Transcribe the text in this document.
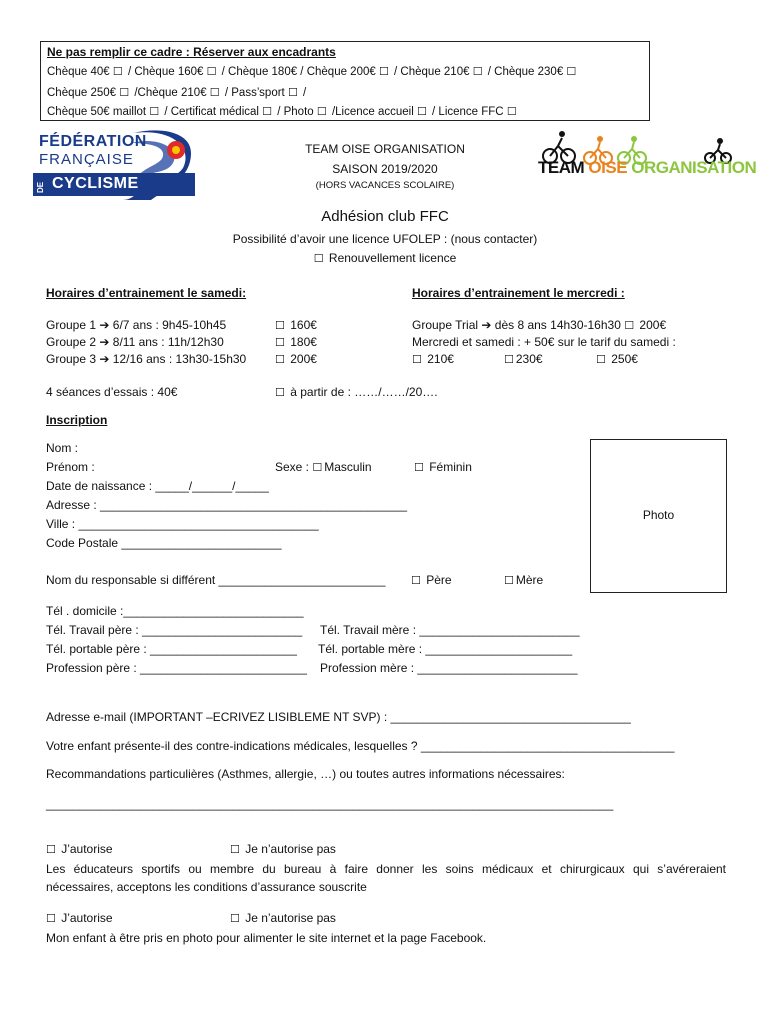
Ne pas remplir ce cadre : Réserver aux encadrants
Chèque 40€ ☐ / Chèque 160€ ☐ / Chèque 180€ / Chèque 200€ ☐ / Chèque 210€ ☐ / Chèque 230€ ☐
Chèque 250€ ☐ /Chèque 210€ ☐ / Pass’sport ☐ /
Chèque 50€ maillot ☐ / Certificat médical ☐ / Photo ☐ /Licence accueil ☐ / Licence FFC ☐
FÉDÉRATION
FRANÇAISE
DE CYCLISME
TEAM OISE ORGANISATION
SAISON 2019/2020
(HORS VACANCES SCOLAIRE)
TEAM OISE ORGANISATION
Adhésion club FFC
Possibilité d’avoir une licence UFOLEP : (nous contacter)
☐ Renouvellement licence
Horaires d’entrainement le samedi:	Horaires d’entrainement le mercredi :
Groupe 1 ➔ 6/7 ans : 9h45-10h45 ☐	160€
Groupe 2 ➔ 8/11 ans : 11h/12h30 ☐	180€
Groupe 3 ➔ 12/16 ans : 13h30-15h30 ☐	200€
Groupe Trial ➔ dès 8 ans 14h30-16h30 ☐ 200€
Mercredi et samedi : + 50€ sur le tarif du samedi :
☐ 210€ ☐	230€ ☐	250€
4 séances d’essais : 40€ ☐	à partir de : ……/……/20….
Inscription
Nom :
Prénom :	Sexe : ☐Masculin ☐	Féminin
Date de naissance : _____/______/_____
Adresse : ______________________________________________
Ville : ____________________________________
Code Postale ________________________
Photo
Nom du responsable si différent _________________________ ☐	Père ☐	Mère
Tél . domicile :___________________________
Tél. Travail père : ________________________ Tél. Travail mère : ________________________
Tél. portable père : ______________________ Tél. portable mère : ______________________
Profession père : _________________________ Profession mère : ________________________
Adresse e-mail (IMPORTANT –ECRIVEZ LISIBLEME NT SVP) : ____________________________________
Votre enfant présente-il des contre-indications médicales, lesquelles ? ______________________________________
Recommandations particulières (Asthmes, allergie, …) ou toutes autres informations nécessaires:
_____________________________________________________________________________________
☐ J’autorise ☐	Je n’autorise pas
Les éducateurs sportifs ou membre du bureau à faire donner les soins médicaux et chirurgicaux qui s’avéreraient
nécessaires, acceptons les conditions d’assurance souscrite
☐ J’autorise ☐	Je n’autorise pas
Mon enfant à être pris en photo pour alimenter le site internet et la page Facebook.
